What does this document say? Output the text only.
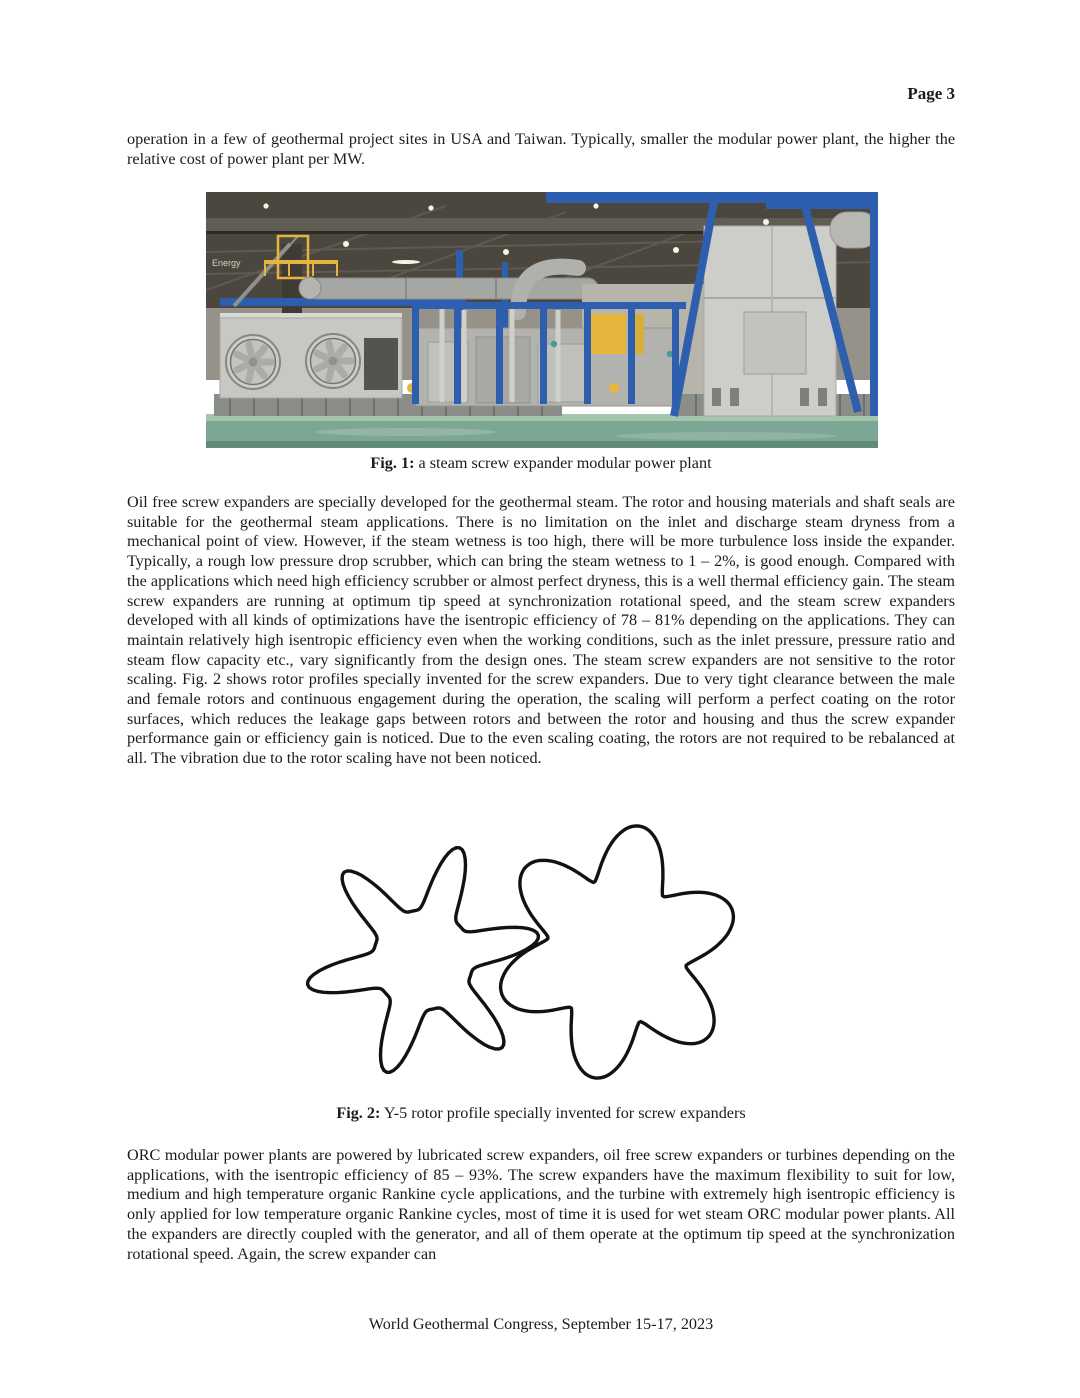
Page 3
operation in a few of geothermal project sites in USA and Taiwan. Typically, smaller the modular power plant, the higher the relative cost of power plant per MW.
Energy
Fig. 1: a steam screw expander modular power plant
Oil free screw expanders are specially developed for the geothermal steam. The rotor and housing materials and shaft seals are suitable for the geothermal steam applications. There is no limitation on the inlet and discharge steam dryness from a mechanical point of view. However, if the steam wetness is too high, there will be more turbulence loss inside the expander. Typically, a rough low pressure drop scrubber, which can bring the steam wetness to 1 – 2%, is good enough. Compared with the applications which need high efficiency scrubber or almost perfect dryness, this is a well thermal efficiency gain. The steam screw expanders are running at optimum tip speed at synchronization rotational speed, and the steam screw expanders developed with all kinds of optimizations have the isentropic efficiency of 78 – 81% depending on the applications. They can maintain relatively high isentropic efficiency even when the working conditions, such as the inlet pressure, pressure ratio and steam flow capacity etc., vary significantly from the design ones. The steam screw expanders are not sensitive to the rotor scaling. Fig. 2 shows rotor profiles specially invented for the screw expanders. Due to very tight clearance between the male and female rotors and continuous engagement during the operation, the scaling will perform a perfect coating on the rotor surfaces, which reduces the leakage gaps between rotors and between the rotor and housing and thus the screw expander performance gain or efficiency gain is noticed. Due to the even scaling coating, the rotors are not required to be rebalanced at all. The vibration due to the rotor scaling have not been noticed.
Fig. 2: Y-5 rotor profile specially invented for screw expanders
ORC modular power plants are powered by lubricated screw expanders, oil free screw expanders or turbines depending on the applications, with the isentropic efficiency of 85 – 93%. The screw expanders have the maximum flexibility to suit for low, medium and high temperature organic Rankine cycle applications, and the turbine with extremely high isentropic efficiency is only applied for low temperature organic Rankine cycles, most of time it is used for wet steam ORC modular power plants. All the expanders are directly coupled with the generator, and all of them operate at the optimum tip speed at the synchronization rotational speed. Again, the screw expander can
World Geothermal Congress, September 15-17, 2023
